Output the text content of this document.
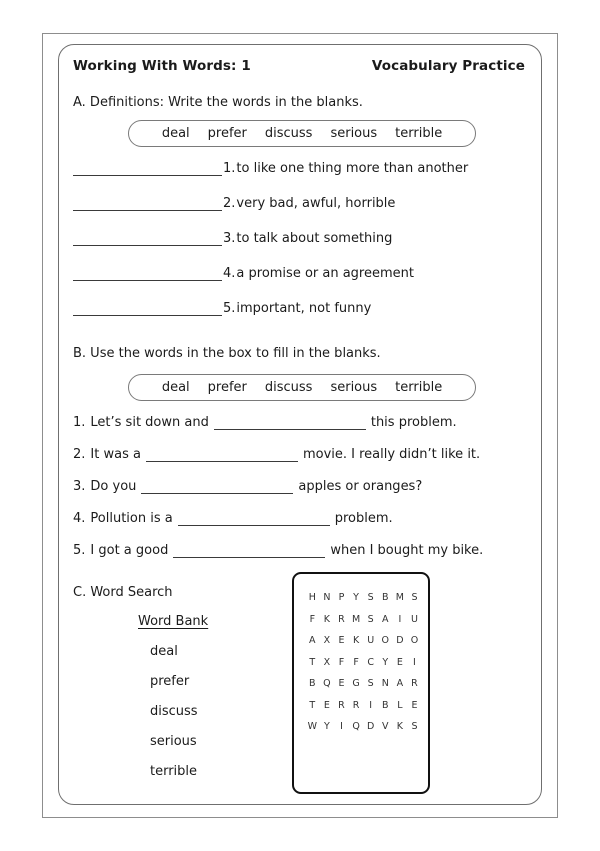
Working With Words: 1	Vocabulary Practice
A. Definitions: Write the words in the blanks.
deal prefer discuss serious terrible
1. to like one thing more than another
2. very bad, awful, horrible
3. to talk about something
4. a promise or an agreement
5. important, not funny
B. Use the words in the box to fill in the blanks.
deal prefer discuss serious terrible
1. Let’s sit down and	this problem.
2. It was a	movie. I really didn’t like it.
3. Do you	apples or oranges?
4. Pollution is a	problem.
5. I got a good	when I bought my bike.
C. Word Search
Word Bank
deal
prefer
discuss
serious
terrible
H N P Y S B M S
F K R M S A	I	U
A X E K U O D O
T X F F C Y E	I
B Q E G S N A R
T E R R	I	B L E
W Y	I Q D V K S
